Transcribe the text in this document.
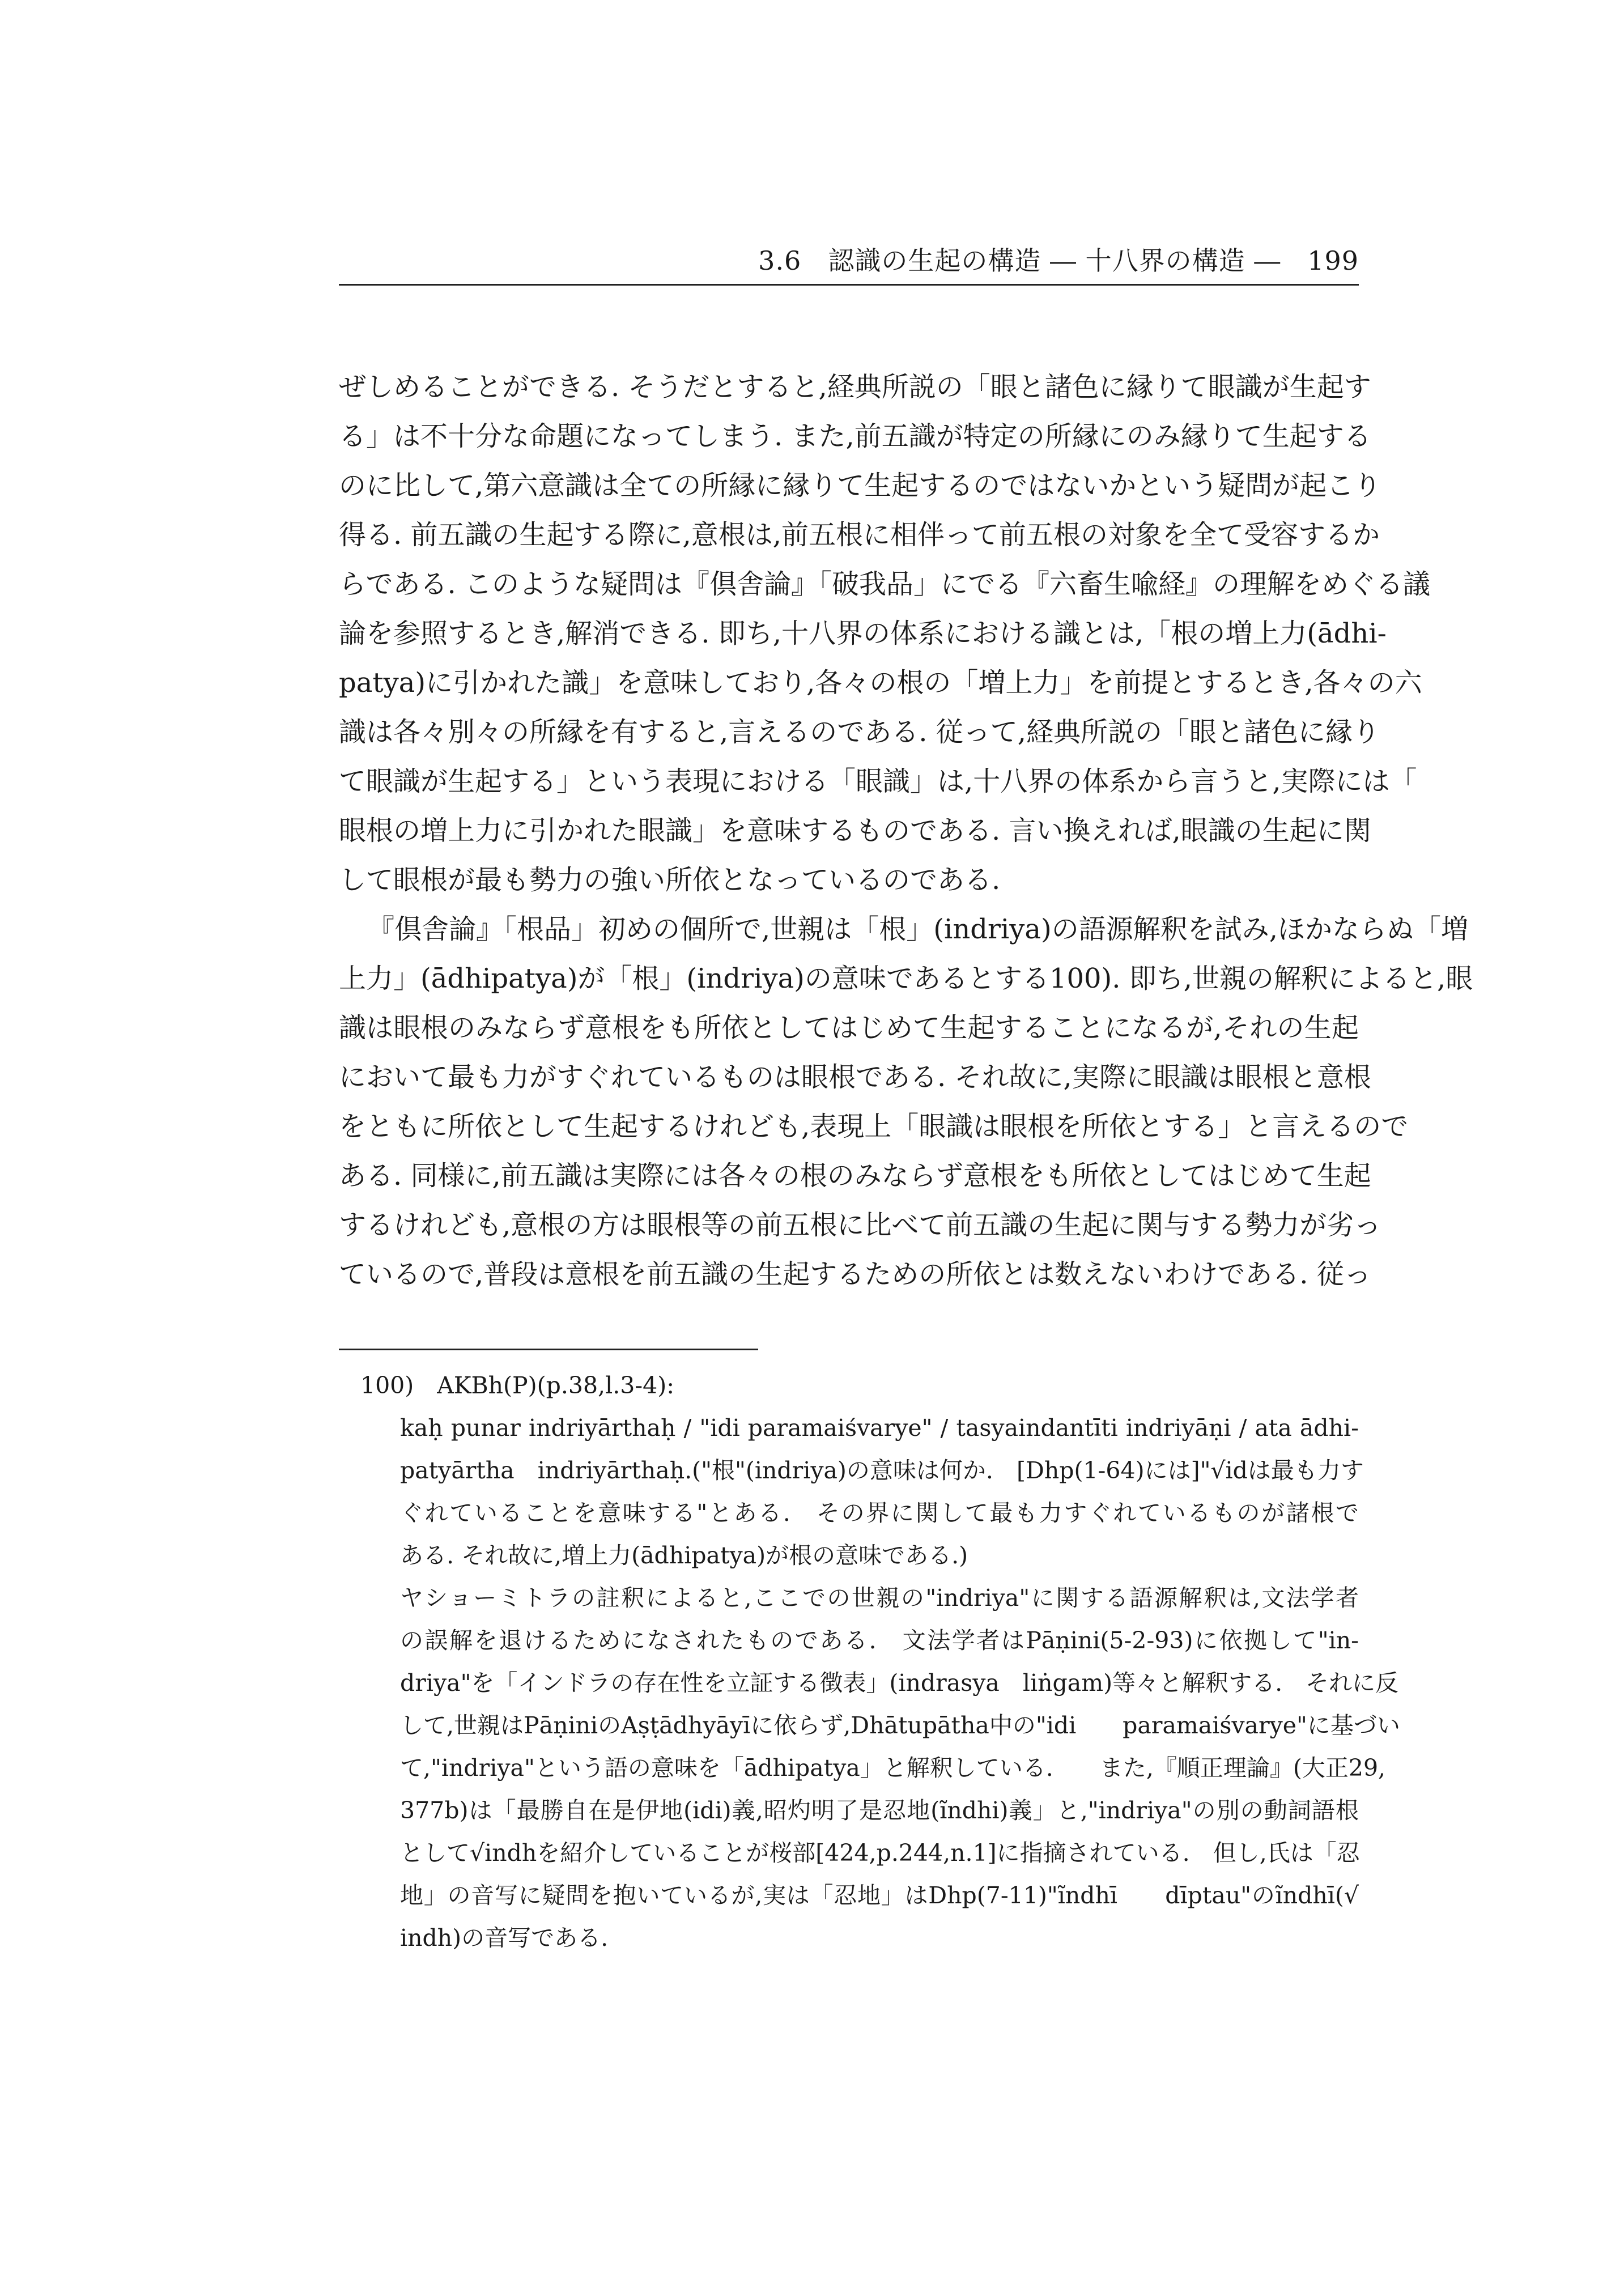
3.6　認識の生起の構造 ― 十八界の構造 ―　199
ぜしめることができる. そうだとすると,経典所説の「眼と諸色に縁りて眼識が生起す
る」は不十分な命題になってしまう. また,前五識が特定の所縁にのみ縁りて生起する
のに比して,第六意識は全ての所縁に縁りて生起するのではないかという疑問が起こり
得る. 前五識の生起する際に,意根は,前五根に相伴って前五根の対象を全て受容するか
らである. このような疑問は『倶舎論』「破我品」にでる『六畜生喩経』の理解をめぐる議
論を参照するとき,解消できる. 即ち,十八界の体系における識とは,「根の増上力(ādhi-
patya)に引かれた識」を意味しており,各々の根の「増上力」を前提とするとき,各々の六
識は各々別々の所縁を有すると,言えるのである. 従って,経典所説の「眼と諸色に縁り
て眼識が生起する」という表現における「眼識」は,十八界の体系から言うと,実際には「
眼根の増上力に引かれた眼識」を意味するものである. 言い換えれば,眼識の生起に関
して眼根が最も勢力の強い所依となっているのである.
『倶舎論』「根品」初めの個所で,世親は「根」(indriya)の語源解釈を試み,ほかならぬ「増
上力」(ādhipatya)が「根」(indriya)の意味であるとする100). 即ち,世親の解釈によると,眼
識は眼根のみならず意根をも所依としてはじめて生起することになるが,それの生起
において最も力がすぐれているものは眼根である. それ故に,実際に眼識は眼根と意根
をともに所依として生起するけれども,表現上「眼識は眼根を所依とする」と言えるので
ある. 同様に,前五識は実際には各々の根のみならず意根をも所依としてはじめて生起
するけれども,意根の方は眼根等の前五根に比べて前五識の生起に関与する勢力が劣っ
ているので,普段は意根を前五識の生起するための所依とは数えないわけである. 従っ
100)　AKBh(P)(p.38,l.3-4):
kaḥ punar indriyārthaḥ / "idi paramaiśvarye" / tasyaindantīti indriyāṇi / ata ādhi-
patyārtha　indriyārthaḥ.("根"(indriya)の意味は何か.　[Dhp(1-64)には]"√idは最も力す
ぐれていることを意味する"とある.　その界に関して最も力すぐれているものが諸根で
ある. それ故に,増上力(ādhipatya)が根の意味である.)
ヤショーミトラの註釈によると,ここでの世親の"indriya"に関する語源解釈は,文法学者
の誤解を退けるためになされたものである.　文法学者はPāṇini(5-2-93)に依拠して"in-
driya"を「インドラの存在性を立証する徴表」(indrasya　liṅgam)等々と解釈する.　それに反
して,世親はPāṇiniのAṣṭādhyāyīに依らず,Dhātupātha中の"idi　　paramaiśvarye"に基づい
て,"indriya"という語の意味を「ādhipatya」と解釈している.　　また,『順正理論』(大正29,
377b)は「最勝自在是伊地(idi)義,昭灼明了是忍地(ĩndhi)義」と,"indriya"の別の動詞語根
として√indhを紹介していることが桜部[424,p.244,n.1]に指摘されている.　但し,氏は「忍
地」の音写に疑問を抱いているが,実は「忍地」はDhp(7-11)"ĩndhī　　dīptau"のĩndhī(√
indh)の音写である.
